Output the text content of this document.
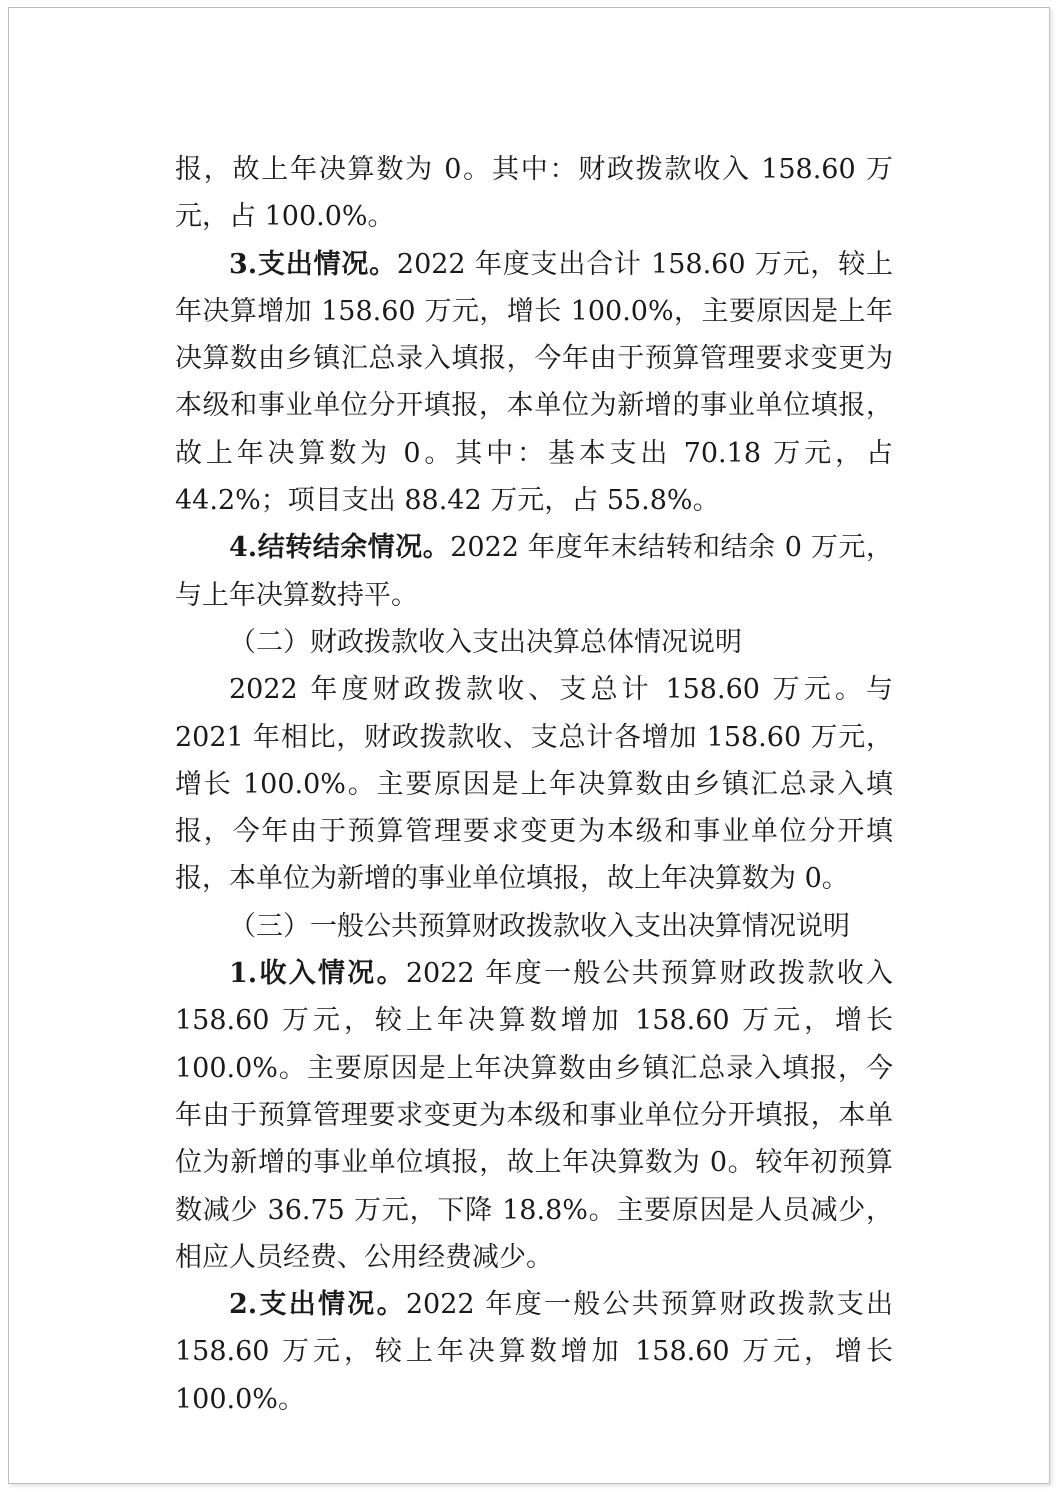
报，故上年决算数为 0。其中：财政拨款收入 158.60 万元，占 100.0%。

3.支出情况。2022 年度支出合计 158.60 万元，较上年决算增加 158.60 万元，增长 100.0%，主要原因是上年决算数由乡镇汇总录入填报，今年由于预算管理要求变更为本级和事业单位分开填报，本单位为新增的事业单位填报，故上年决算数为 0。其中：基本支出 70.18 万元，占 44.2%；项目支出 88.42 万元，占 55.8%。

4.结转结余情况。2022 年度年末结转和结余 0 万元，与上年决算数持平。

（二）财政拨款收入支出决算总体情况说明

2022 年度财政拨款收、支总计 158.60 万元。与 2021 年相比，财政拨款收、支总计各增加 158.60 万元，增长 100.0%。主要原因是上年决算数由乡镇汇总录入填报，今年由于预算管理要求变更为本级和事业单位分开填报，本单位为新增的事业单位填报，故上年决算数为 0。

（三）一般公共预算财政拨款收入支出决算情况说明

1.收入情况。2022 年度一般公共预算财政拨款收入 158.60 万元，较上年决算数增加 158.60 万元，增长 100.0%。主要原因是上年决算数由乡镇汇总录入填报，今年由于预算管理要求变更为本级和事业单位分开填报，本单位为新增的事业单位填报，故上年决算数为 0。较年初预算数减少 36.75 万元，下降 18.8%。主要原因是人员减少，相应人员经费、公用经费减少。

2.支出情况。2022 年度一般公共预算财政拨款支出 158.60 万元，较上年决算数增加 158.60 万元，增长 100.0%。
